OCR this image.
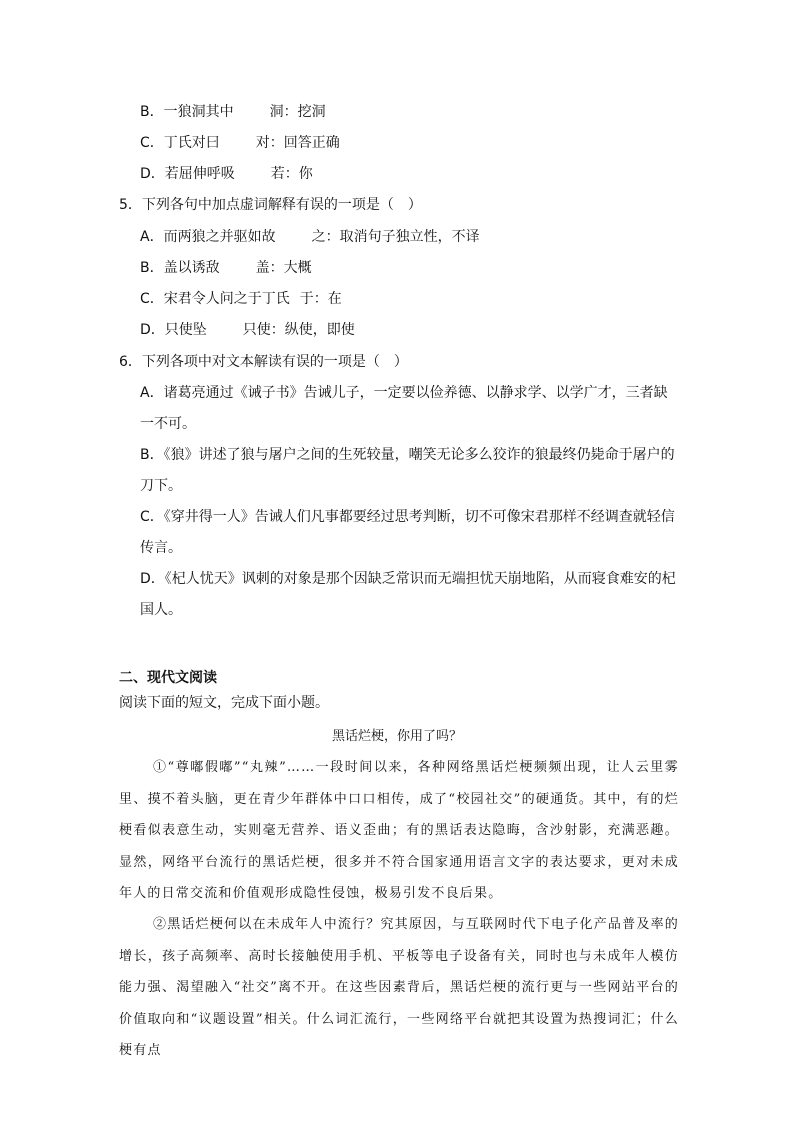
B．一狼洞其中	洞：挖洞
C．丁氏对曰	对：回答正确
D．若屈伸呼吸	若：你
5．下列各句中加点虚词解释有误的一项是（　）
A．而两狼之并驱如故	之：取消句子独立性，不译
B．盖以诱敌	盖：大概
C．宋君令人问之于丁氏 于：在
D．只使坠	只使：纵使，即使
6．下列各项中对文本解读有误的一项是（　）
A．诸葛亮通过《诫子书》告诫儿子，一定要以俭养德、以静求学、以学广才，三者缺
一不可。
B．《狼》讲述了狼与屠户之间的生死较量，嘲笑无论多么狡诈的狼最终仍毙命于屠户的
刀下。
C．《穿井得一人》告诫人们凡事都要经过思考判断，切不可像宋君那样不经调查就轻信
传言。
D．《杞人忧天》讽刺的对象是那个因缺乏常识而无端担忧天崩地陷，从而寝食难安的杞
国人。
二、现代文阅读
阅读下面的短文，完成下面小题。
黑话烂梗，你用了吗？

①“尊嘟假嘟”“丸辣”……一段时间以来，各种网络黑话烂梗频频出现，让人云里雾里、摸不着头脑，更在青少年群体中口口相传，成了“校园社交”的硬通货。其中，有的烂梗看似表意生动，实则毫无营养、语义歪曲；有的黑话表达隐晦，含沙射影，充满恶趣。显然，网络平台流行的黑话烂梗，很多并不符合国家通用语言文字的表达要求，更对未成年人的日常交流和价值观形成隐性侵蚀，极易引发不良后果。

②黑话烂梗何以在未成年人中流行？究其原因，与互联网时代下电子化产品普及率的增长，孩子高频率、高时长接触使用手机、平板等电子设备有关，同时也与未成年人模仿能力强、渴望融入“社交”离不开。在这些因素背后，黑话烂梗的流行更与一些网站平台的价值取向和“议题设置”相关。什么词汇流行，一些网络平台就把其设置为热搜词汇；什么梗有点
